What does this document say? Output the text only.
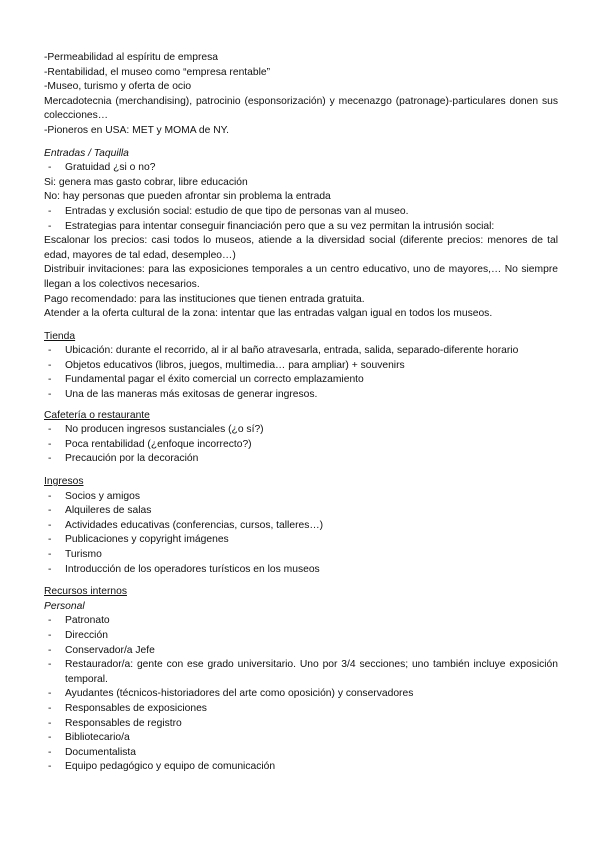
-Permeabilidad al espíritu de empresa

-Rentabilidad, el museo como “empresa rentable”

-Museo, turismo y oferta de ocio

Mercadotecnia (merchandising), patrocinio (esponsorización) y mecenazgo (patronage)-particulares donen sus colecciones…

-Pioneros en USA: MET y MOMA de NY.

Entradas / Taquilla

- Gratuidad ¿si o no?

Si: genera mas gasto cobrar, libre educación

No: hay personas que pueden afrontar sin problema la entrada

- Entradas y exclusión social: estudio de que tipo de personas van al museo.
- Estrategias para intentar conseguir financiación pero que a su vez permitan la intrusión social:

Escalonar los precios: casi todos lo museos, atiende a la diversidad social (diferente precios: menores de tal edad, mayores de tal edad, desempleo…)

Distribuir invitaciones: para las exposiciones temporales a un centro educativo, uno de mayores,… No siempre llegan a los colectivos necesarios.

Pago recomendado: para las instituciones que tienen entrada gratuita.

Atender a la oferta cultural de la zona: intentar que las entradas valgan igual en todos los museos.

Tienda

- Ubicación: durante el recorrido, al ir al baño atravesarla, entrada, salida, separado-diferente horario
- Objetos educativos (libros, juegos, multimedia… para ampliar) + souvenirs
- Fundamental pagar el éxito comercial un correcto emplazamiento
- Una de las maneras más exitosas de generar ingresos.

Cafetería o restaurante

- No producen ingresos sustanciales (¿o sí?)
- Poca rentabilidad (¿enfoque incorrecto?)
- Precaución por la decoración

Ingresos

- Socios y amigos
- Alquileres de salas
- Actividades educativas (conferencias, cursos, talleres…)
- Publicaciones y copyright imágenes
- Turismo
- Introducción de los operadores turísticos en los museos

Recursos internos

Personal

- Patronato
- Dirección
- Conservador/a Jefe
- Restaurador/a: gente con ese grado universitario. Uno por 3/4 secciones; uno también incluye exposición temporal.
- Ayudantes (técnicos-historiadores del arte como oposición) y conservadores
- Responsables de exposiciones
- Responsables de registro
- Bibliotecario/a
- Documentalista
- Equipo pedagógico y equipo de comunicación
